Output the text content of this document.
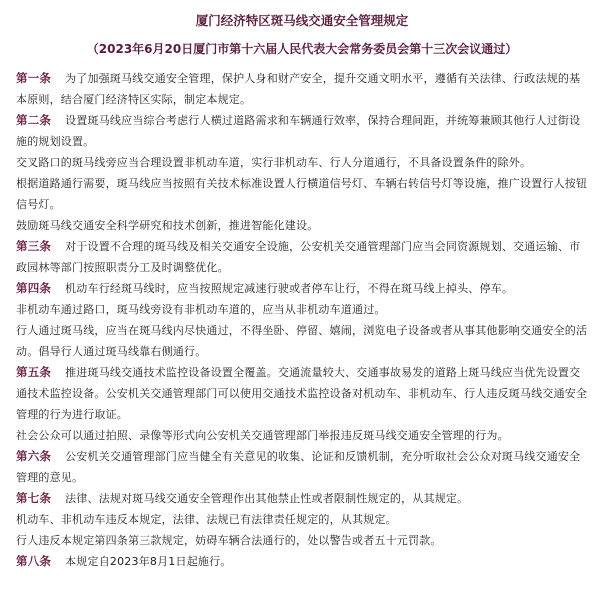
厦门经济特区斑马线交通安全管理规定
（2023年6月20日厦门市第十六届人民代表大会常务委员会第十三次会议通过）

第一条 为了加强斑马线交通安全管理，保护人身和财产安全，提升交通文明水平，遵循有关法律、行政法规的基本原则，结合厦门经济特区实际，制定本规定。

第二条 设置斑马线应当综合考虑行人横过道路需求和车辆通行效率，保持合理间距，并统筹兼顾其他行人过街设施的规划设置。

交叉路口的斑马线旁应当合理设置非机动车道，实行非机动车、行人分道通行，不具备设置条件的除外。

根据道路通行需要，斑马线应当按照有关技术标准设置人行横道信号灯、车辆右转信号灯等设施，推广设置行人按钮信号灯。

鼓励斑马线交通安全科学研究和技术创新，推进智能化建设。

第三条 对于设置不合理的斑马线及相关交通安全设施，公安机关交通管理部门应当会同资源规划、交通运输、市政园林等部门按照职责分工及时调整优化。

第四条 机动车行经斑马线时，应当按照规定减速行驶或者停车让行，不得在斑马线上掉头、停车。

非机动车通过路口，斑马线旁设有非机动车道的，应当从非机动车道通过。

行人通过斑马线，应当在斑马线内尽快通过，不得坐卧、停留、嬉闹，浏览电子设备或者从事其他影响交通安全的活动。倡导行人通过斑马线靠右侧通行。

第五条 推进斑马线交通技术监控设备设置全覆盖。交通流量较大、交通事故易发的道路上斑马线应当优先设置交通技术监控设备。公安机关交通管理部门可以使用交通技术监控设备对机动车、非机动车、行人违反斑马线交通安全管理的行为进行取证。

社会公众可以通过拍照、录像等形式向公安机关交通管理部门举报违反斑马线交通安全管理的行为。

第六条 公安机关交通管理部门应当健全有关意见的收集、论证和反馈机制，充分听取社会公众对斑马线交通安全管理的意见。

第七条 法律、法规对斑马线交通安全管理作出其他禁止性或者限制性规定的，从其规定。

机动车、非机动车违反本规定，法律、法规已有法律责任规定的，从其规定。

行人违反本规定第四条第三款规定，妨碍车辆合法通行的，处以警告或者五十元罚款。

第八条 本规定自2023年8月1日起施行。
